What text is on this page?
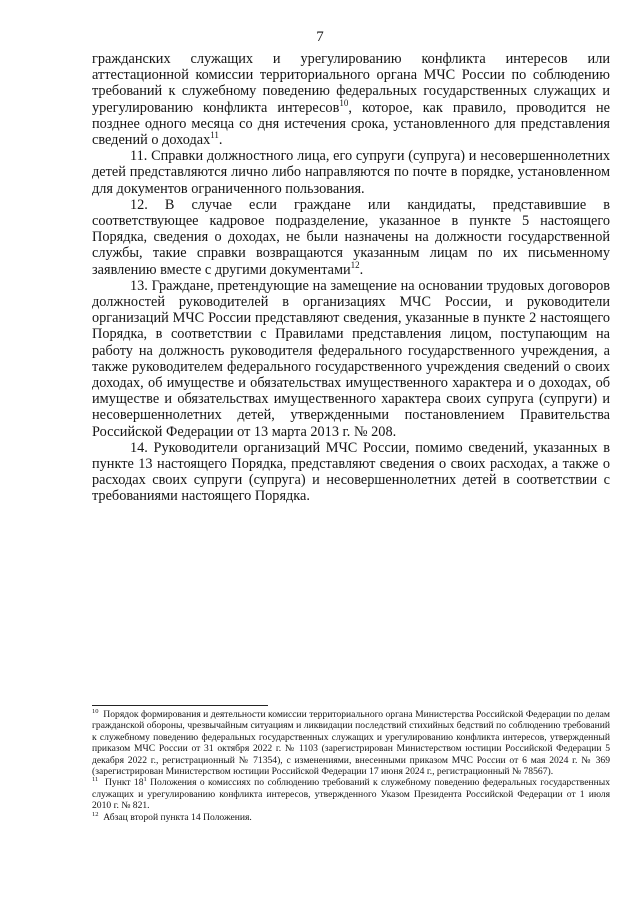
7

гражданских служащих и урегулированию конфликта интересов или аттестационной комиссии территориального органа МЧС России по соблюдению требований к служебному поведению федеральных государственных служащих и урегулированию конфликта интересов$^{10}$, которое, как правило, проводится не позднее одного месяца со дня истечения срока, установленного для представления сведений о доходах$^{11}$.

11. Справки должностного лица, его супруги (супруга) и несовершеннолетних детей представляются лично либо направляются по почте в порядке, установленном для документов ограниченного пользования.

12. В случае если граждане или кандидаты, представившие в соответствующее кадровое подразделение, указанное в пункте 5 настоящего Порядка, сведения о доходах, не были назначены на должности государственной службы, такие справки возвращаются указанным лицам по их письменному заявлению вместе с другими документами$^{12}$.

13. Граждане, претендующие на замещение на основании трудовых договоров должностей руководителей в организациях МЧС России, и руководители организаций МЧС России представляют сведения, указанные в пункте 2 настоящего Порядка, в соответствии с Правилами представления лицом, поступающим на работу на должность руководителя федерального государственного учреждения, а также руководителем федерального государственного учреждения сведений о своих доходах, об имуществе и обязательствах имущественного характера и о доходах, об имуществе и обязательствах имущественного характера своих супруга (супруги) и несовершеннолетних детей, утвержденными постановлением Правительства Российской Федерации от 13 марта 2013 г. № 208.

14. Руководители организаций МЧС России, помимо сведений, указанных в пункте 13 настоящего Порядка, представляют сведения о своих расходах, а также о расходах своих супруги (супруга) и несовершеннолетних детей в соответствии с требованиями настоящего Порядка.

$^{10}$ Порядок формирования и деятельности комиссии территориального органа Министерства Российской Федерации по делам гражданской обороны, чрезвычайным ситуациям и ликвидации последствий стихийных бедствий по соблюдению требований к служебному поведению федеральных государственных служащих и урегулированию конфликта интересов, утвержденный приказом МЧС России от 31 октября 2022 г. № 1103 (зарегистрирован Министерством юстиции Российской Федерации 5 декабря 2022 г., регистрационный № 71354), с изменениями, внесенными приказом МЧС России от 6 мая 2024 г. № 369 (зарегистрирован Министерством юстиции Российской Федерации 17 июня 2024 г., регистрационный № 78567).

$^{11}$ Пункт $18^1$ Положения о комиссиях по соблюдению требований к служебному поведению федеральных государственных служащих и урегулированию конфликта интересов, утвержденного Указом Президента Российской Федерации от 1 июля 2010 г. № 821.

$^{12}$ Абзац второй пункта 14 Положения.
